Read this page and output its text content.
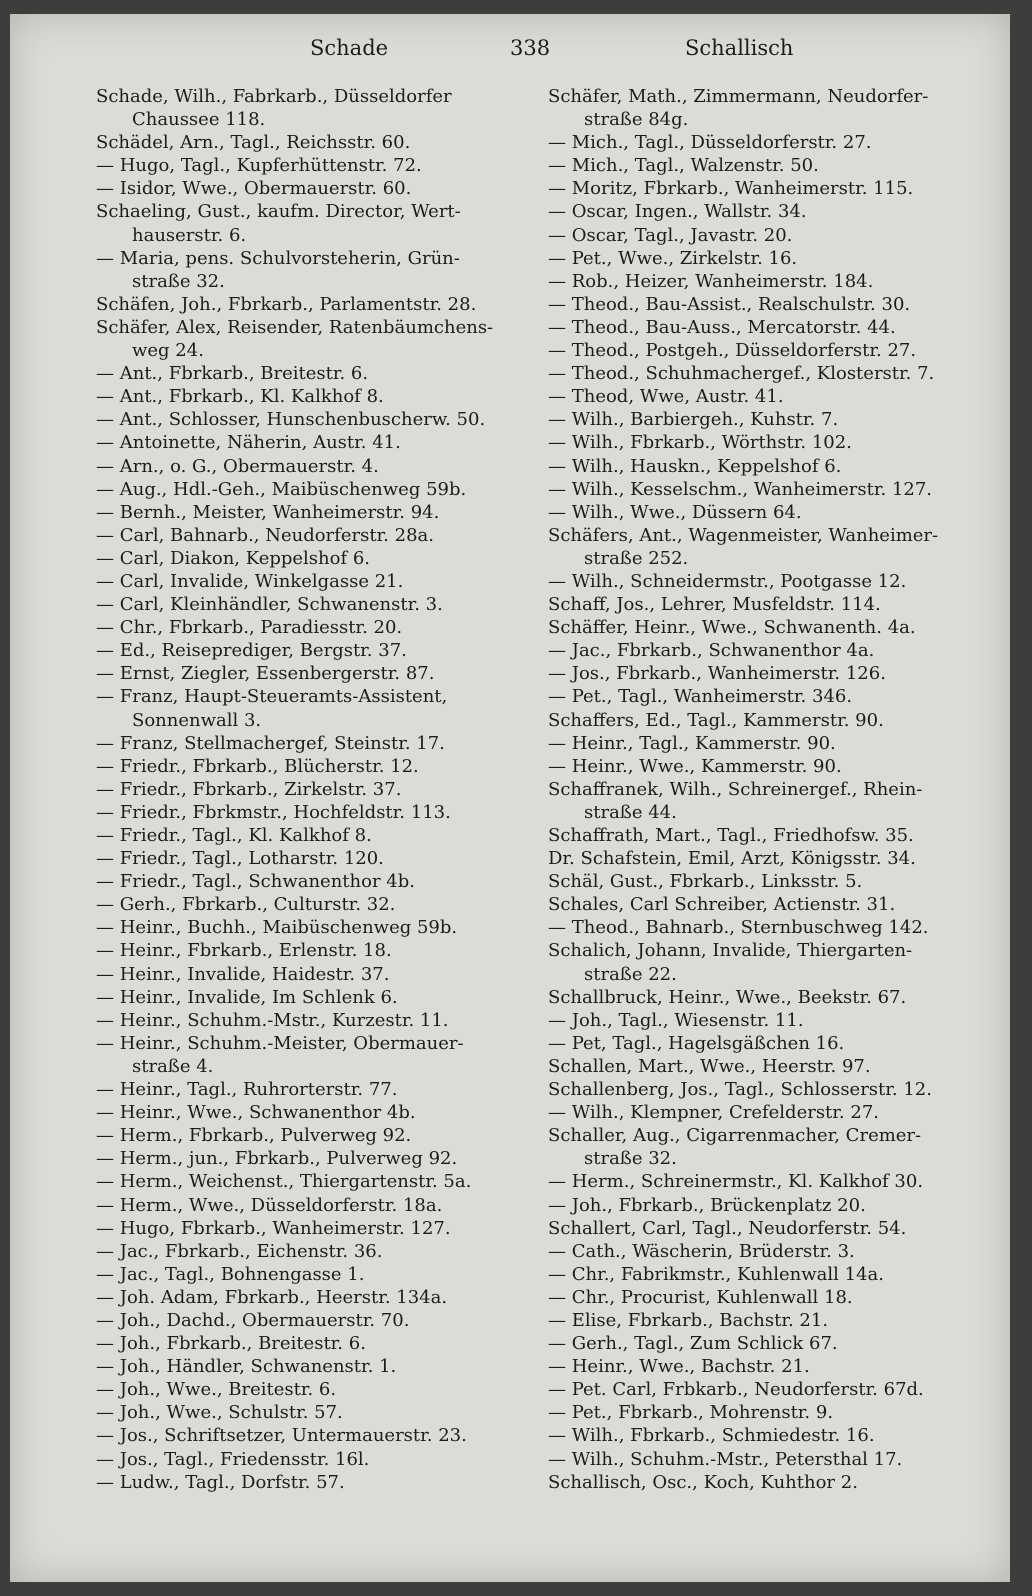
Schade	338	Schallisch
Schade, Wilh., Fabrkarb., Düsseldorfer
  Chaussee 118.
Schädel, Arn., Tagl., Reichsstr. 60.
— Hugo, Tagl., Kupferhüttenstr. 72.
— Isidor, Wwe., Obermauerstr. 60.
Schaeling, Gust., kaufm. Director, Wert-
  hauserstr. 6.
— Maria, pens. Schulvorsteherin, Grün-
  straße 32.
Schäfen, Joh., Fbrkarb., Parlamentstr. 28.
Schäfer, Alex, Reisender, Ratenbäumchens-
  weg 24.
— Ant., Fbrkarb., Breitestr. 6.
— Ant., Fbrkarb., Kl. Kalkhof 8.
— Ant., Schlosser, Hunschenbuscherw. 50.
— Antoinette, Näherin, Austr. 41.
— Arn., o. G., Obermauerstr. 4.
— Aug., Hdl.-Geh., Maibüschenweg 59b.
— Bernh., Meister, Wanheimerstr. 94.
— Carl, Bahnarb., Neudorferstr. 28a.
— Carl, Diakon, Keppelshof 6.
— Carl, Invalide, Winkelgasse 21.
— Carl, Kleinhändler, Schwanenstr. 3.
— Chr., Fbrkarb., Paradiesstr. 20.
— Ed., Reiseprediger, Bergstr. 37.
— Ernst, Ziegler, Essenbergerstr. 87.
— Franz, Haupt-Steueramts-Assistent,
  Sonnenwall 3.
— Franz, Stellmachergef, Steinstr. 17.
— Friedr., Fbrkarb., Blücherstr. 12.
— Friedr., Fbrkarb., Zirkelstr. 37.
— Friedr., Fbrkmstr., Hochfeldstr. 113.
— Friedr., Tagl., Kl. Kalkhof 8.
— Friedr., Tagl., Lotharstr. 120.
— Friedr., Tagl., Schwanenthor 4b.
— Gerh., Fbrkarb., Culturstr. 32.
— Heinr., Buchh., Maibüschenweg 59b.
— Heinr., Fbrkarb., Erlenstr. 18.
— Heinr., Invalide, Haidestr. 37.
— Heinr., Invalide, Im Schlenk 6.
— Heinr., Schuhm.-Mstr., Kurzestr. 11.
— Heinr., Schuhm.-Meister, Obermauer-
  straße 4.
— Heinr., Tagl., Ruhrorterstr. 77.
— Heinr., Wwe., Schwanenthor 4b.
— Herm., Fbrkarb., Pulverweg 92.
— Herm., jun., Fbrkarb., Pulverweg 92.
— Herm., Weichenst., Thiergartenstr. 5a.
— Herm., Wwe., Düsseldorferstr. 18a.
— Hugo, Fbrkarb., Wanheimerstr. 127.
— Jac., Fbrkarb., Eichenstr. 36.
— Jac., Tagl., Bohnengasse 1.
— Joh. Adam, Fbrkarb., Heerstr. 134a.
— Joh., Dachd., Obermauerstr. 70.
— Joh., Fbrkarb., Breitestr. 6.
— Joh., Händler, Schwanenstr. 1.
— Joh., Wwe., Breitestr. 6.
— Joh., Wwe., Schulstr. 57.
— Jos., Schriftsetzer, Untermauerstr. 23.
— Jos., Tagl., Friedensstr. 16l.
— Ludw., Tagl., Dorfstr. 57.
Schäfer, Math., Zimmermann, Neudorfer-
  straße 84g.
— Mich., Tagl., Düsseldorferstr. 27.
— Mich., Tagl., Walzenstr. 50.
— Moritz, Fbrkarb., Wanheimerstr. 115.
— Oscar, Ingen., Wallstr. 34.
— Oscar, Tagl., Javastr. 20.
— Pet., Wwe., Zirkelstr. 16.
— Rob., Heizer, Wanheimerstr. 184.
— Theod., Bau-Assist., Realschulstr. 30.
— Theod., Bau-Auss., Mercatorstr. 44.
— Theod., Postgeh., Düsseldorferstr. 27.
— Theod., Schuhmachergef., Klosterstr. 7.
— Theod, Wwe, Austr. 41.
— Wilh., Barbiergeh., Kuhstr. 7.
— Wilh., Fbrkarb., Wörthstr. 102.
— Wilh., Hauskn., Keppelshof 6.
— Wilh., Kesselschm., Wanheimerstr. 127.
— Wilh., Wwe., Düssern 64.
Schäfers, Ant., Wagenmeister, Wanheimer-
  straße 252.
— Wilh., Schneidermstr., Pootgasse 12.
Schaff, Jos., Lehrer, Musfeldstr. 114.
Schäffer, Heinr., Wwe., Schwanenth. 4a.
— Jac., Fbrkarb., Schwanenthor 4a.
— Jos., Fbrkarb., Wanheimerstr. 126.
— Pet., Tagl., Wanheimerstr. 346.
Schaffers, Ed., Tagl., Kammerstr. 90.
— Heinr., Tagl., Kammerstr. 90.
— Heinr., Wwe., Kammerstr. 90.
Schaffranek, Wilh., Schreinergef., Rhein-
  straße 44.
Schaffrath, Mart., Tagl., Friedhofsw. 35.
Dr. Schafstein, Emil, Arzt, Königsstr. 34.
Schäl, Gust., Fbrkarb., Linksstr. 5.
Schales, Carl Schreiber, Actienstr. 31.
— Theod., Bahnarb., Sternbuschweg 142.
Schalich, Johann, Invalide, Thiergarten-
  straße 22.
Schallbruck, Heinr., Wwe., Beekstr. 67.
— Joh., Tagl., Wiesenstr. 11.
— Pet, Tagl., Hagelsgäßchen 16.
Schallen, Mart., Wwe., Heerstr. 97.
Schallenberg, Jos., Tagl., Schlosserstr. 12.
— Wilh., Klempner, Crefelderstr. 27.
Schaller, Aug., Cigarrenmacher, Cremer-
  straße 32.
— Herm., Schreinermstr., Kl. Kalkhof 30.
— Joh., Fbrkarb., Brückenplatz 20.
Schallert, Carl, Tagl., Neudorferstr. 54.
— Cath., Wäscherin, Brüderstr. 3.
— Chr., Fabrikmstr., Kuhlenwall 14a.
— Chr., Procurist, Kuhlenwall 18.
— Elise, Fbrkarb., Bachstr. 21.
— Gerh., Tagl., Zum Schlick 67.
— Heinr., Wwe., Bachstr. 21.
— Pet. Carl, Frbkarb., Neudorferstr. 67d.
— Pet., Fbrkarb., Mohrenstr. 9.
— Wilh., Fbrkarb., Schmiedestr. 16.
— Wilh., Schuhm.-Mstr., Petersthal 17.
Schallisch, Osc., Koch, Kuhthor 2.
